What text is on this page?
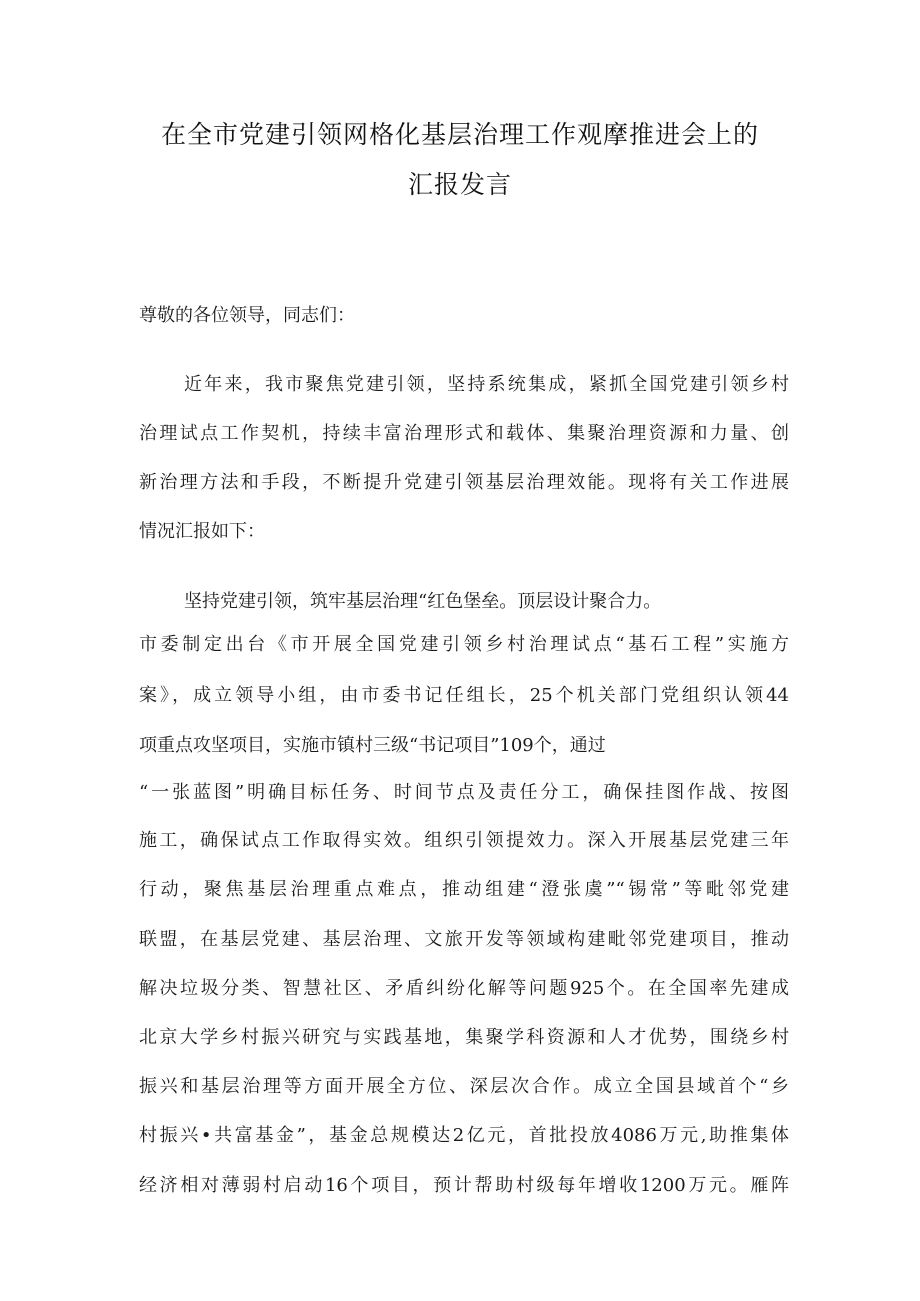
在全市党建引领网格化基层治理工作观摩推进会上的
汇报发言
尊敬的各位领导，同志们：
近年来，我市聚焦党建引领，坚持系统集成，紧抓全国党建引领乡村
治理试点工作契机，持续丰富治理形式和载体、集聚治理资源和力量、创
新治理方法和手段，不断提升党建引领基层治理效能。现将有关工作进展
情况汇报如下：
坚持党建引领，筑牢基层治理“红色堡垒。顶层设计聚合力。
市委制定出台《市开展全国党建引领乡村治理试点“基石工程”实施方
案》，成立领导小组，由市委书记任组长，25个机关部门党组织认领44
项重点攻坚项目，实施市镇村三级“书记项目”109个，通过
“一张蓝图”明确目标任务、时间节点及责任分工，确保挂图作战、按图
施工，确保试点工作取得实效。组织引领提效力。深入开展基层党建三年
行动，聚焦基层治理重点难点，推动组建“澄张虞”“锡常”等毗邻党建
联盟，在基层党建、基层治理、文旅开发等领域构建毗邻党建项目，推动
解决垃圾分类、智慧社区、矛盾纠纷化解等问题925个。在全国率先建成
北京大学乡村振兴研究与实践基地，集聚学科资源和人才优势，围绕乡村
振兴和基层治理等方面开展全方位、深层次合作。成立全国县域首个“乡
村振兴•共富基金”，基金总规模达2亿元，首批投放4086万元,助推集体
经济相对薄弱村启动16个项目，预计帮助村级每年增收1200万元。雁阵
